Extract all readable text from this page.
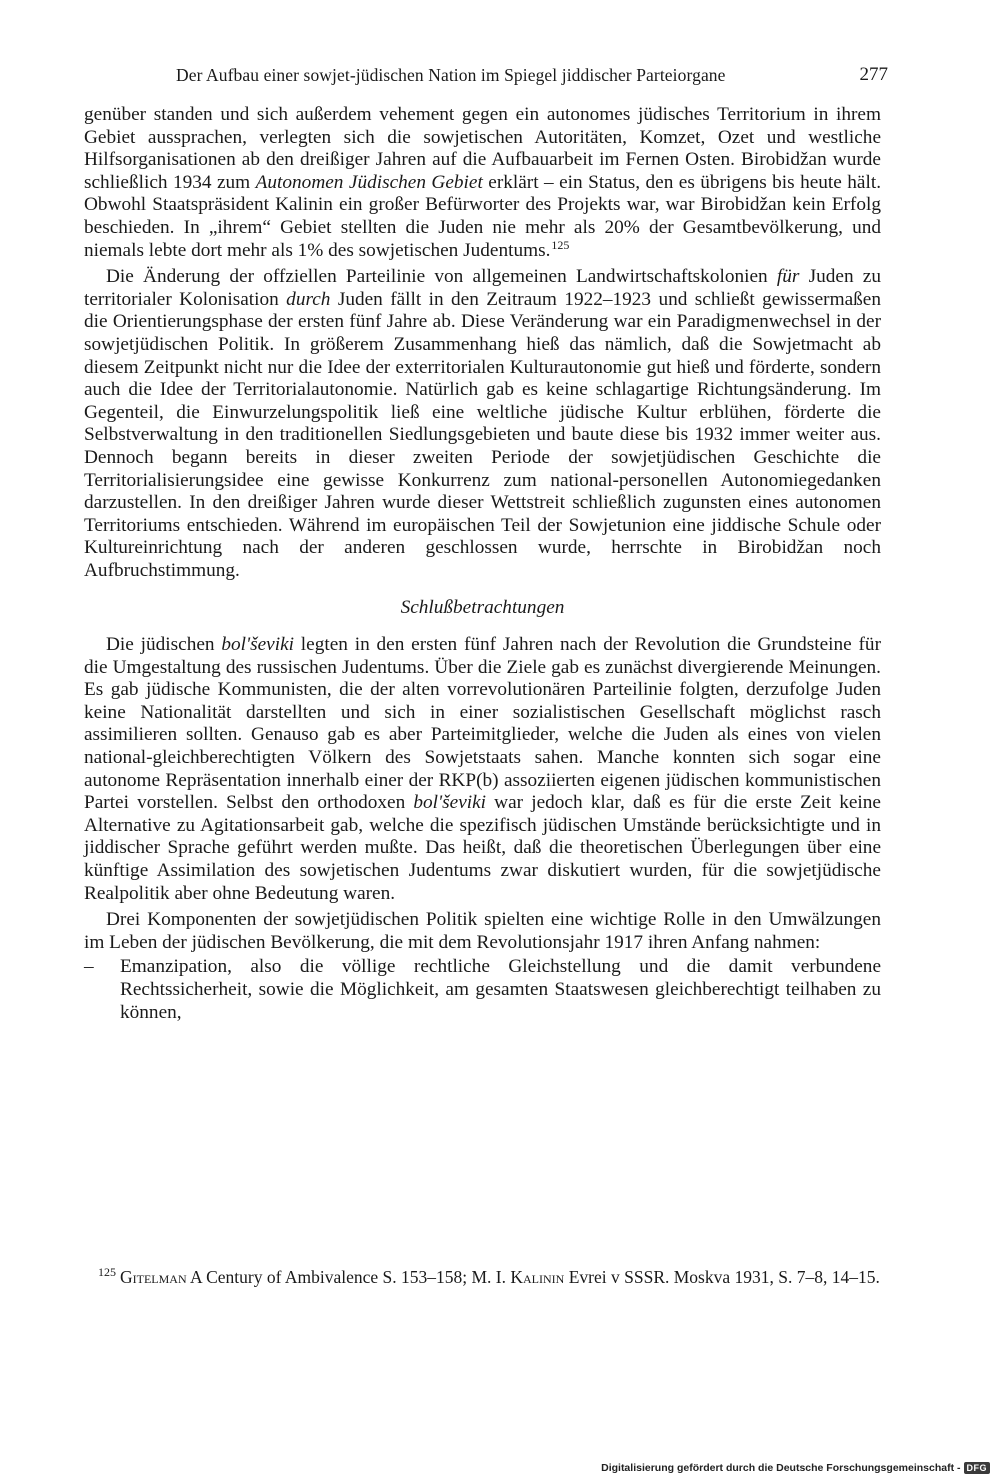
Der Aufbau einer sowjet-jüdischen Nation im Spiegel jiddischer Parteiorgane	277

genüber standen und sich außerdem vehement gegen ein autonomes jüdisches Territorium in ihrem Gebiet aussprachen, verlegten sich die sowjetischen Autoritäten, Komzet, Ozet und westliche Hilfsorganisationen ab den dreißiger Jahren auf die Aufbauarbeit im Fernen Osten. Birobidžan wurde schließlich 1934 zum Autonomen Jüdischen Gebiet erklärt – ein Status, den es übrigens bis heute hält. Obwohl Staatspräsident Kalinin ein großer Befürworter des Projekts war, war Birobidžan kein Erfolg beschieden. In „ihrem“ Gebiet stellten die Juden nie mehr als 20% der Gesamtbevölkerung, und niemals lebte dort mehr als 1% des sowjetischen Judentums.$^{125}$

Die Änderung der offziellen Parteilinie von allgemeinen Landwirtschaftskolonien für Juden zu territorialer Kolonisation durch Juden fällt in den Zeitraum 1922–1923 und schließt gewissermaßen die Orientierungsphase der ersten fünf Jahre ab. Diese Veränderung war ein Paradigmenwechsel in der sowjetjüdischen Politik. In größerem Zusammenhang hieß das nämlich, daß die Sowjetmacht ab diesem Zeitpunkt nicht nur die Idee der exterritorialen Kulturautonomie gut hieß und förderte, sondern auch die Idee der Territorialautonomie. Natürlich gab es keine schlagartige Richtungsänderung. Im Gegenteil, die Einwurzelungspolitik ließ eine weltliche jüdische Kultur erblühen, förderte die Selbstverwaltung in den traditionellen Siedlungsgebieten und baute diese bis 1932 immer weiter aus. Dennoch begann bereits in dieser zweiten Periode der sowjetjüdischen Geschichte die Territorialisierungsidee eine gewisse Konkurrenz zum national-personellen Autonomiegedanken darzustellen. In den dreißiger Jahren wurde dieser Wettstreit schließlich zugunsten eines autonomen Territoriums entschieden. Während im europäischen Teil der Sowjetunion eine jiddische Schule oder Kultureinrichtung nach der anderen geschlossen wurde, herrschte in Birobidžan noch Aufbruchstimmung.

Schlußbetrachtungen

Die jüdischen bol'ševiki legten in den ersten fünf Jahren nach der Revolution die Grundsteine für die Umgestaltung des russischen Judentums. Über die Ziele gab es zunächst divergierende Meinungen. Es gab jüdische Kommunisten, die der alten vorrevolutionären Parteilinie folgten, derzufolge Juden keine Nationalität darstellten und sich in einer sozialistischen Gesellschaft möglichst rasch assimilieren sollten. Genauso gab es aber Parteimitglieder, welche die Juden als eines von vielen national-gleichberechtigten Völkern des Sowjetstaats sahen. Manche konnten sich sogar eine autonome Repräsentation innerhalb einer der RKP(b) assoziierten eigenen jüdischen kommunistischen Partei vorstellen. Selbst den orthodoxen bol'ševiki war jedoch klar, daß es für die erste Zeit keine Alternative zu Agitationsarbeit gab, welche die spezifisch jüdischen Umstände berücksichtigte und in jiddischer Sprache geführt werden mußte. Das heißt, daß die theoretischen Überlegungen über eine künftige Assimilation des sowjetischen Judentums zwar diskutiert wurden, für die sowjetjüdische Realpolitik aber ohne Bedeutung waren.

Drei Komponenten der sowjetjüdischen Politik spielten eine wichtige Rolle in den Umwälzungen im Leben der jüdischen Bevölkerung, die mit dem Revolutionsjahr 1917 ihren Anfang nahmen:

– Emanzipation, also die völlige rechtliche Gleichstellung und die damit verbundene Rechtssicherheit, sowie die Möglichkeit, am gesamten Staatswesen gleichberechtigt teilhaben zu können,
$^{125}$ Gitelman A Century of Ambivalence S. 153–158; M. I. Kalinin Evrei v SSSR. Moskva 1931, S. 7–8, 14–15.
Digitalisierung gefördert durch die Deutsche Forschungsgemeinschaft - DFG
